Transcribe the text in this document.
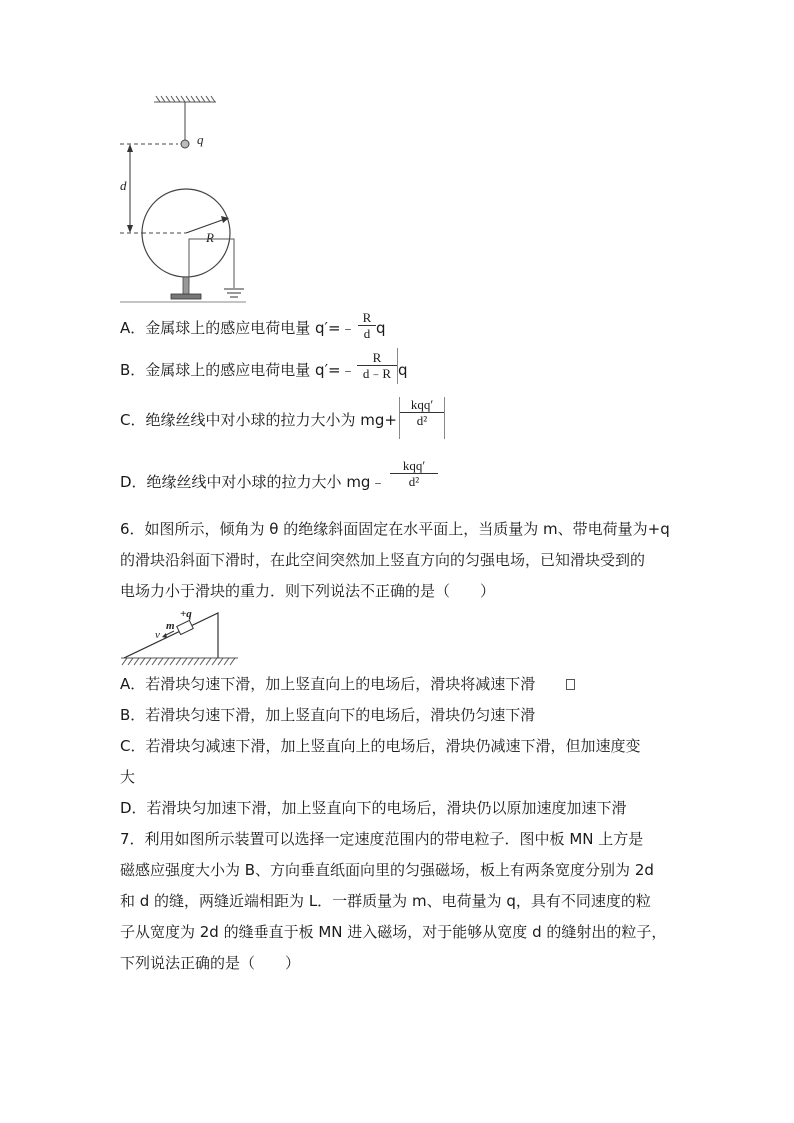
q
d
R
A．金属球上的感应电荷电量 q′=﹣
R
d q
B．金属球上的感应电荷电量 q′=﹣
R
d﹣R q
C．绝缘丝线中对小球的拉力大小为 mg+
kqq′
d²
D．绝缘丝线中对小球的拉力大小 mg﹣
kqq′
d²
6．如图所示，倾角为 θ 的绝缘斜面固定在水平面上，当质量为 m、带电荷量为+q
的滑块沿斜面下滑时，在此空间突然加上竖直方向的匀强电场，已知滑块受到的
电场力小于滑块的重力．则下列说法不正确的是（　　）
m
+q
v
A．若滑块匀速下滑，加上竖直向上的电场后，滑块将减速下滑
B．若滑块匀速下滑，加上竖直向下的电场后，滑块仍匀速下滑
C．若滑块匀减速下滑，加上竖直向上的电场后，滑块仍减速下滑，但加速度变
大
D．若滑块匀加速下滑，加上竖直向下的电场后，滑块仍以原加速度加速下滑
7．利用如图所示装置可以选择一定速度范围内的带电粒子．图中板 MN 上方是
磁感应强度大小为 B、方向垂直纸面向里的匀强磁场，板上有两条宽度分别为 2d
和 d 的缝，两缝近端相距为 L．一群质量为 m、电荷量为 q，具有不同速度的粒
子从宽度为 2d 的缝垂直于板 MN 进入磁场，对于能够从宽度 d 的缝射出的粒子，
下列说法正确的是（　　）
